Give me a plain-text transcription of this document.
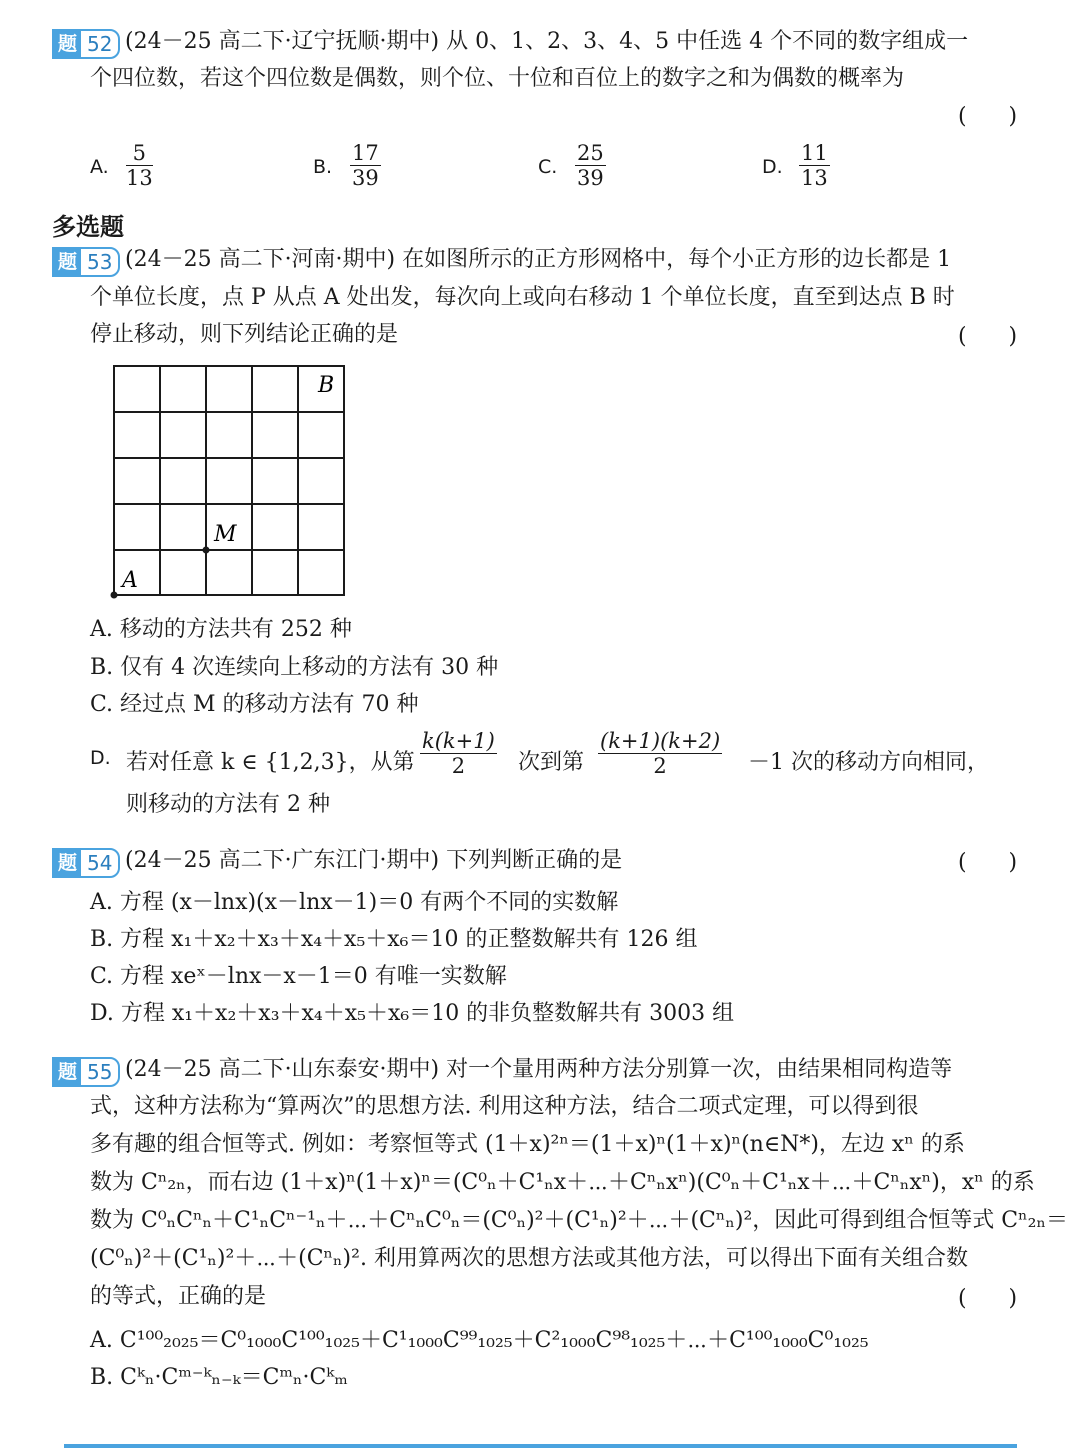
题 52 (24－25 高二下·辽宁抚顺·期中) 从 0、1、2、3、4、5 中任选 4 个不同的数字组成一
个四位数，若这个四位数是偶数，则个位、十位和百位上的数字之和为偶数的概率为
(      )
A. $\frac{5}{13}$	B. $\frac{17}{39}$	C. $\frac{25}{39}$	D. $\frac{11}{13}$
多选题
题 53 (24－25 高二下·河南·期中) 在如图所示的正方形网格中，每个小正方形的边长都是 1
个单位长度，点 P 从点 A 处出发，每次向上或向右移动 1 个单位长度，直至到达点 B 时
停止移动，则下列结论正确的是	(      )
A
M
B
A. 移动的方法共有 252 种
B. 仅有 4 次连续向上移动的方法有 30 种
C. 经过点 M 的移动方法有 70 种
D. 若对任意 k ∈ {1,2,3}，从第 $\frac{k(k+1)}{2}$ 次到第 $\frac{(k+1)(k+2)}{2} -1$ 次的移动方向相同，
则移动的方法有 2 种
题 54 (24－25 高二下·广东江门·期中) 下列判断正确的是	(      )
A. 方程 (x－lnx)(x－lnx－1)＝0 有两个不同的实数解
B. 方程 x₁＋x₂＋x₃＋x₄＋x₅＋x₆＝10 的正整数解共有 126 组
C. 方程 xeˣ－lnx－x－1＝0 有唯一实数解
D. 方程 x₁＋x₂＋x₃＋x₄＋x₅＋x₆＝10 的非负整数解共有 3003 组
题 55 (24－25 高二下·山东泰安·期中) 对一个量用两种方法分别算一次，由结果相同构造等
式，这种方法称为“算两次”的思想方法. 利用这种方法，结合二项式定理，可以得到很
多有趣的组合恒等式. 例如：考察恒等式 (1＋x)²ⁿ＝(1＋x)ⁿ(1＋x)ⁿ(n∈N*)，左边 xⁿ 的系
数为 Cⁿ₂ₙ，而右边 (1＋x)ⁿ(1＋x)ⁿ＝(C⁰ₙ＋C¹ₙx＋⋯＋Cⁿₙxⁿ)(C⁰ₙ＋C¹ₙx＋⋯＋Cⁿₙxⁿ)，xⁿ 的系
数为 C⁰ₙCⁿₙ＋C¹ₙCⁿ⁻¹ₙ＋⋯＋CⁿₙC⁰ₙ＝(C⁰ₙ)²＋(C¹ₙ)²＋⋯＋(Cⁿₙ)²，因此可得到组合恒等式 Cⁿ₂ₙ＝
(C⁰ₙ)²＋(C¹ₙ)²＋⋯＋(Cⁿₙ)². 利用算两次的思想方法或其他方法，可以得出下面有关组合数
的等式，正确的是	(      )
A. C¹⁰⁰₂₀₂₅＝C⁰₁₀₀₀C¹⁰⁰₁₀₂₅＋C¹₁₀₀₀C⁹⁹₁₀₂₅＋C²₁₀₀₀C⁹⁸₁₀₂₅＋⋯＋C¹⁰⁰₁₀₀₀C⁰₁₀₂₅
B. Cᵏₙ·Cᵐ⁻ᵏₙ₋ₖ＝Cᵐₙ·Cᵏₘ
